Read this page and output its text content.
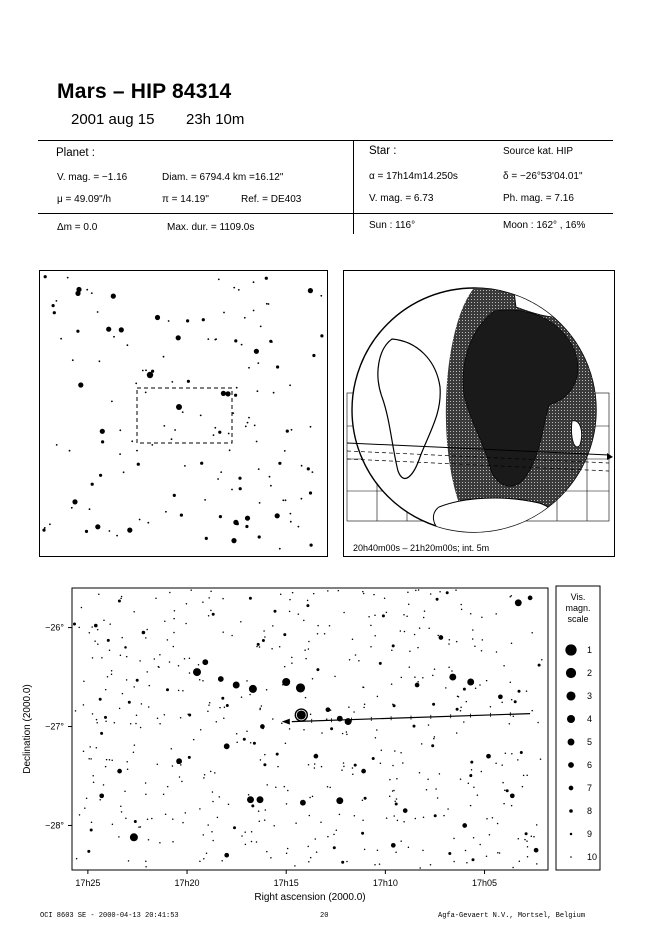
Mars – HIP 84314
2001 aug 15 23h 10m
Planet :
V. mag. = −1.16	Diam. = 6794.4 km =16.12"
μ = 49.09"/h	π = 14.19"	Ref. = DE403
Δm = 0.0	Max. dur. = 1109.0s
Star :	Source kat. HIP
α = 17h14m14.250s	δ = −26°53'04.01"
V. mag. = 6.73	Ph. mag. = 7.16
Sun : 116°	Moon : 162° , 16%
20h40m00s – 21h20m00s; int. 5m
17h25	17h20	17h15	17h10	17h05
−26°
−27°
−28°
Right ascension (2000.0)
Declination (2000.0)
Vis.
magn.
scale
1
2
3
4
5
6
7
8
9
10
OCI 8603 SE - 2000-04-13 20:41:53	20	Agfa-Gevaert N.V., Mortsel, Belgium
